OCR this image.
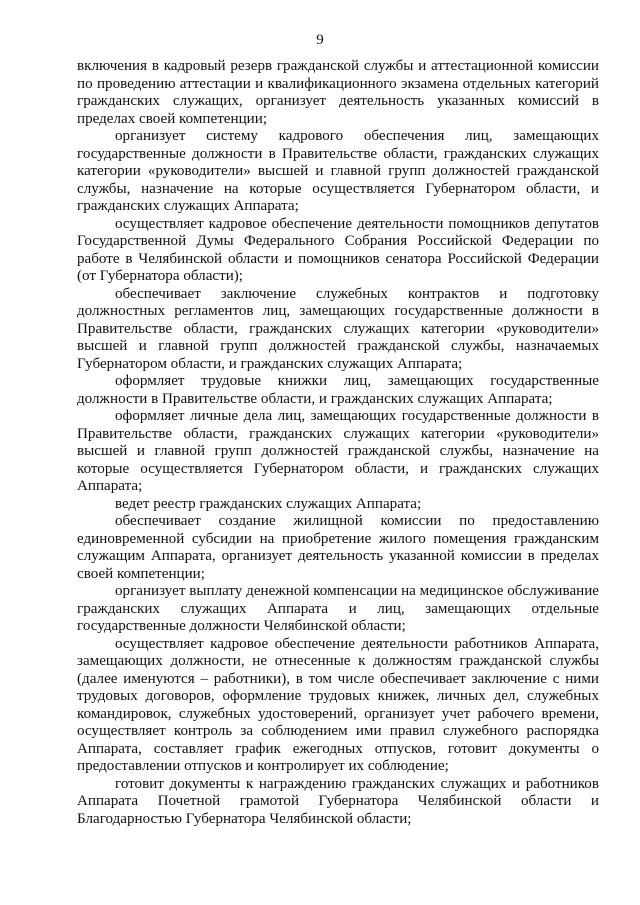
9

включения в кадровый резерв гражданской службы и аттестационной комиссии по проведению аттестации и квалификационного экзамена отдельных категорий гражданских служащих, организует деятельность указанных комиссий в пределах своей компетенции;

организует систему кадрового обеспечения лиц, замещающих государственные должности в Правительстве области, гражданских служащих категории «руководители» высшей и главной групп должностей гражданской службы, назначение на которые осуществляется Губернатором области, и гражданских служащих Аппарата;

осуществляет кадровое обеспечение деятельности помощников депутатов Государственной Думы Федерального Собрания Российской Федерации по работе в Челябинской области и помощников сенатора Российской Федерации (от Губернатора области);

обеспечивает заключение служебных контрактов и подготовку должностных регламентов лиц, замещающих государственные должности в Правительстве области, гражданских служащих категории «руководители» высшей и главной групп должностей гражданской службы, назначаемых Губернатором области, и гражданских служащих Аппарата;

оформляет трудовые книжки лиц, замещающих государственные должности в Правительстве области, и гражданских служащих Аппарата;

оформляет личные дела лиц, замещающих государственные должности в Правительстве области, гражданских служащих категории «руководители» высшей и главной групп должностей гражданской службы, назначение на которые осуществляется Губернатором области, и гражданских служащих Аппарата;

ведет реестр гражданских служащих Аппарата;

обеспечивает создание жилищной комиссии по предоставлению единовременной субсидии на приобретение жилого помещения гражданским служащим Аппарата, организует деятельность указанной комиссии в пределах своей компетенции;

организует выплату денежной компенсации на медицинское обслуживание гражданских служащих Аппарата и лиц, замещающих отдельные государственные должности Челябинской области;

осуществляет кадровое обеспечение деятельности работников Аппарата, замещающих должности, не отнесенные к должностям гражданской службы (далее именуются – работники), в том числе обеспечивает заключение с ними трудовых договоров, оформление трудовых книжек, личных дел, служебных командировок, служебных удостоверений, организует учет рабочего времени, осуществляет контроль за соблюдением ими правил служебного распорядка Аппарата, составляет график ежегодных отпусков, готовит документы о предоставлении отпусков и контролирует их соблюдение;

готовит документы к награждению гражданских служащих и работников Аппарата Почетной грамотой Губернатора Челябинской области и Благодарностью Губернатора Челябинской области;
